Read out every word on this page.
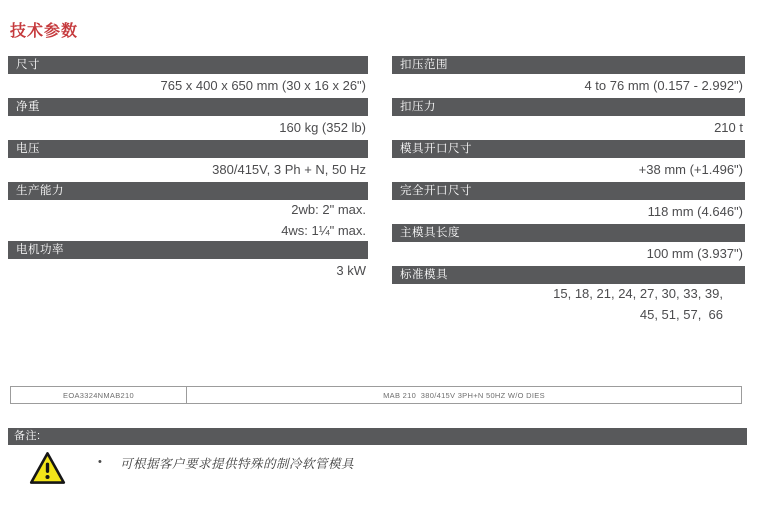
技术参数
尺寸
765 x 400 x 650 mm (30 x 16 x 26")
净重
160 kg (352 lb)
电压
380/415V, 3 Ph + N, 50 Hz
生产能力
2wb: 2" max.
4ws: 1¼" max.
电机功率
3 kW
扣压范围
4 to 76 mm (0.157 - 2.992")
扣压力
210 t
模具开口尺寸
+38 mm (+1.496")
完全开口尺寸
118 mm (4.646")
主模具长度
100 mm (3.937")
标准模具
15, 18, 21, 24, 27, 30, 33, 39,
45, 51, 57,  66
EOA3324NMAB210	MAB 210  380/415V 3PH+N 50HZ W/O DIES
备注:
• 可根据客户要求提供特殊的制冷软管模具
